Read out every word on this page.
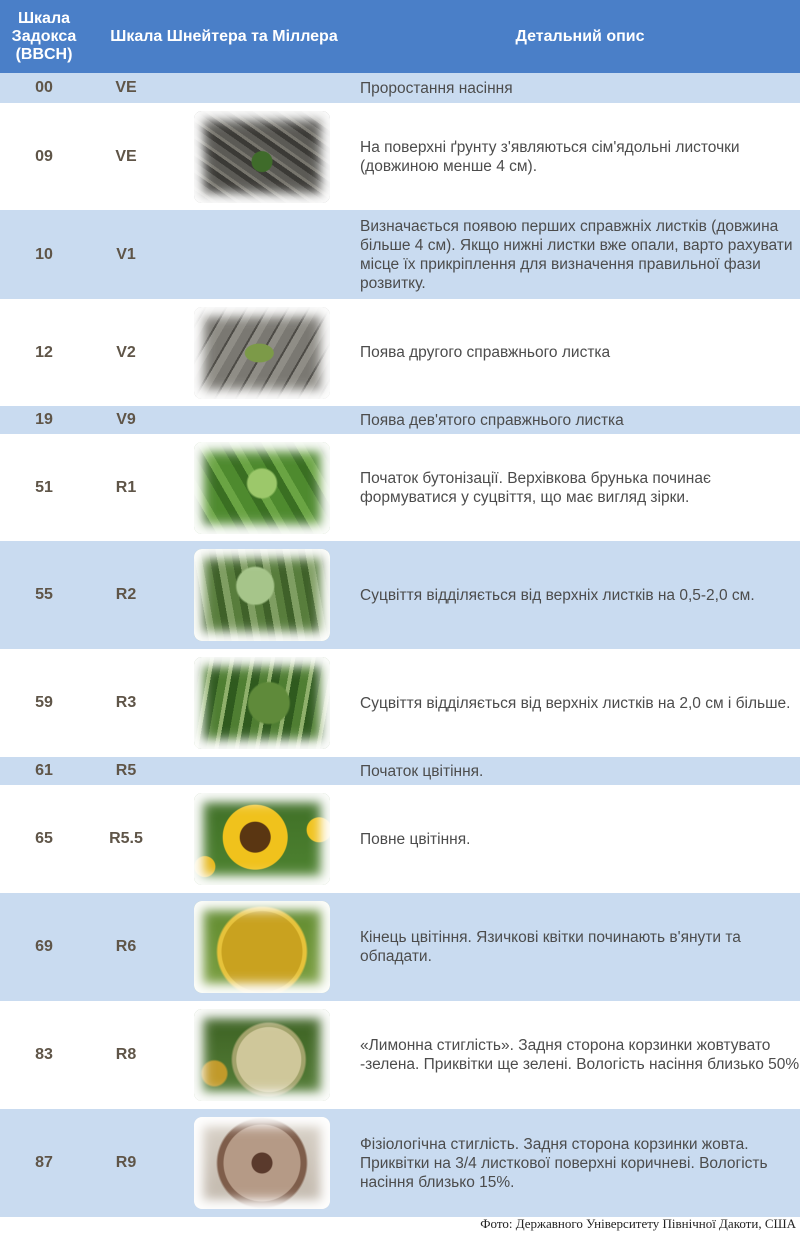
Шкала Задокса (BBCH)	Шкала Шнейтера та Міллера		Детальний опис
00	VE		Проростання насіння
09	VE		На поверхні ґрунту з'являються сім'ядольні листочки (довжиною менше 4 см).
10	V1		Визначається появою перших справжніх листків (довжина більше 4 см). Якщо нижні листки вже опали, варто рахувати місце їх прикріплення для визначення правильної фази розвитку.
12	V2		Поява другого справжнього листка
19	V9		Поява дев'ятого справжнього листка
51	R1		Початок бутонізації. Верхівкова брунька починає формуватися у суцвіття, що має вигляд зірки.
55	R2		Суцвіття відділяється від верхніх листків на 0,5-2,0 см.
59	R3		Суцвіття відділяється від верхніх листків на 2,0 см і більше.
61	R5		Початок цвітіння.
65	R5.5		Повне цвітіння.
69	R6		Кінець цвітіння. Язичкові квітки починають в'янути та обпадати.
83	R8		«Лимонна стиглість». Задня сторона корзинки жовтувато
-зелена. Приквітки ще зелені. Вологість насіння близько 50%
87	R9		Фізіологічна стиглість. Задня сторона корзинки жовта. Приквітки на 3/4 листкової поверхні коричневі. Вологість насіння близько 15%.
Фото: Державного Університету Північної Дакоти, США
